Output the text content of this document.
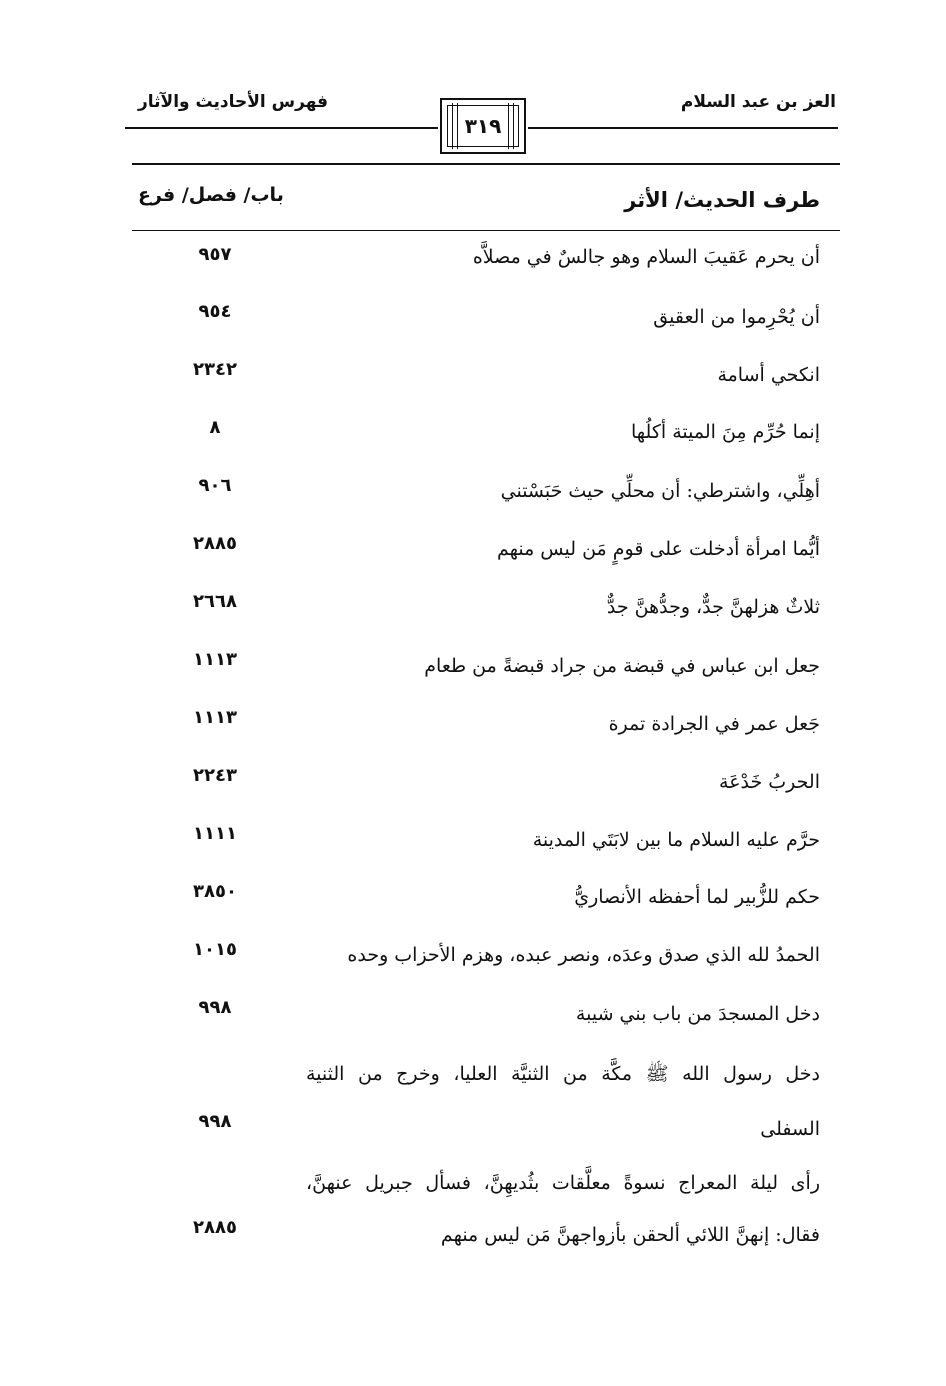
العز بن عبد السلام
فهرس الأحاديث والآثار
٣١٩
طرف الحديث/ الأثر
باب/ فصل/ فرع
أن يحرم عَقيبَ السلام وهو جالسٌ في مصلاَّه
٩٥٧
أن يُحْرِموا من العقيق
٩٥٤
انكحي أسامة
٢٣٤٢
إنما حُرِّم مِنَ الميتة أكلُها
٨
أهِلِّي، واشترطي: أن محلِّي حيث حَبَسْتني
٩٠٦
أيُّما امرأة أدخلت على قومٍ مَن ليس منهم
٢٨٨٥
ثلاثٌ هزلهنَّ جدٌّ، وجدُّهنَّ جدٌّ
٢٦٦٨
جعل ابن عباس في قبضة من جراد قبضةً من طعام
١١١٣
جَعل عمر في الجرادة تمرة
١١١٣
الحربُ خَدْعَة
٢٢٤٣
حرَّم عليه السلام ما بين لابَتَي المدينة
١١١١
حكم للزُّبير لما أحفظه الأنصاريُّ
٣٨٥٠
الحمدُ لله الذي صدق وعدَه، ونصر عبده، وهزم الأحزاب وحده
١٠١٥
دخل المسجدَ من باب بني شيبة
٩٩٨
دخل رسول الله ﷺ مكَّة من الثنيَّة العليا، وخرج من الثنية
السفلى
٩٩٨
رأى ليلة المعراج نسوةً معلَّقات بثُديهِنَّ، فسأل جبريل عنهنَّ،
فقال: إنهنَّ اللائي ألحقن بأزواجهنَّ مَن ليس منهم
٢٨٨٥
